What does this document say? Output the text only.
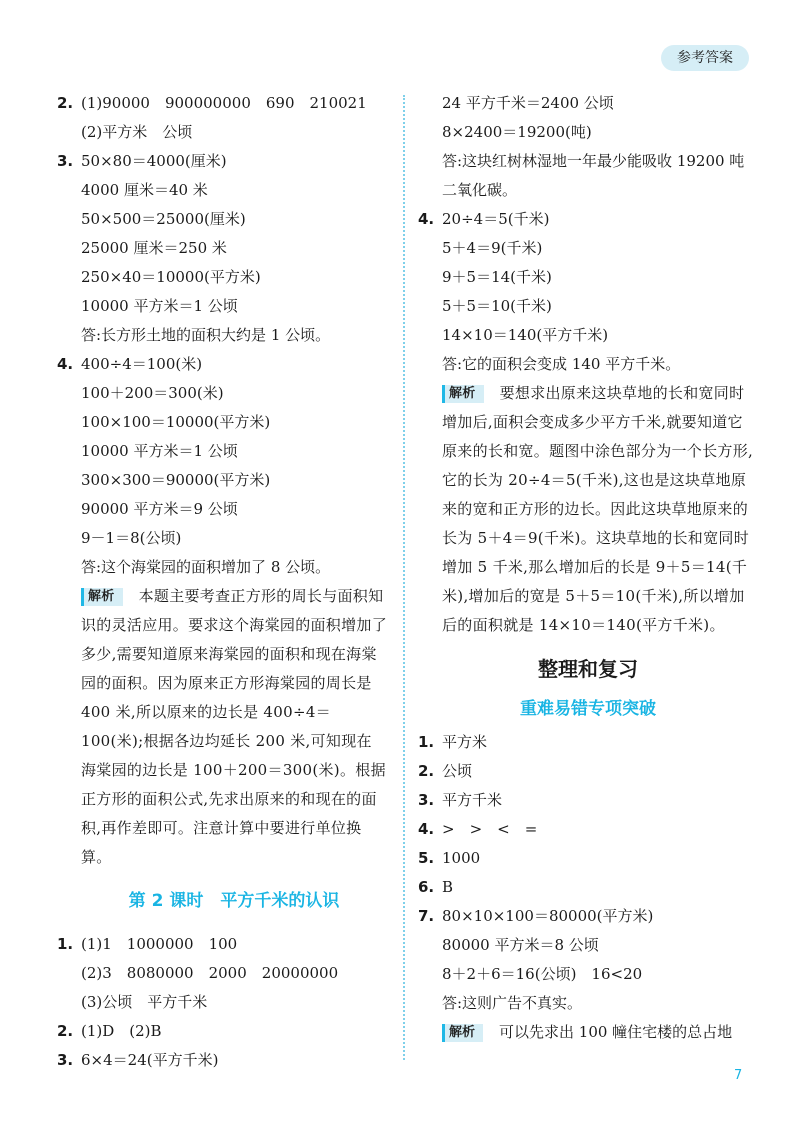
参考答案
2. (1)90000　900000000　690　210021
(2)平方米　公顷
3. 50×80＝4000(厘米)
4000 厘米＝40 米
50×500＝25000(厘米)
25000 厘米＝250 米
250×40＝10000(平方米)
10000 平方米＝1 公顷
答:长方形土地的面积大约是 1 公顷。
4. 400÷4＝100(米)
100＋200＝300(米)
100×100＝10000(平方米)
10000 平方米＝1 公顷
300×300＝90000(平方米)
90000 平方米＝9 公顷
9－1＝8(公顷)
答:这个海棠园的面积增加了 8 公顷。

解析 本题主要考查正方形的周长与面积知识的灵活应用。要求这个海棠园的面积增加了多少,需要知道原来海棠园的面积和现在海棠园的面积。因为原来正方形海棠园的周长是 400 米,所以原来的边长是 400÷4＝100(米);根据各边均延长 200 米,可知现在海棠园的边长是 100＋200＝300(米)。根据正方形的面积公式,先求出原来的和现在的面积,再作差即可。注意计算中要进行单位换算。

第 2 课时　平方千米的认识
1. (1)1　1000000　100
(2)3　8080000　2000　20000000
(3)公顷　平方千米
2. (1)D　(2)B
3. 6×4＝24(平方千米)
24 平方千米＝2400 公顷
8×2400＝19200(吨)
答:这块红树林湿地一年最少能吸收 19200 吨
二氧化碳。
4. 20÷4＝5(千米)
5＋4＝9(千米)
9＋5＝14(千米)
5＋5＝10(千米)
14×10＝140(平方千米)
答:它的面积会变成 140 平方千米。

解析 要想求出原来这块草地的长和宽同时增加后,面积会变成多少平方千米,就要知道它原来的长和宽。题图中涂色部分为一个长方形,它的长为 20÷4＝5(千米),这也是这块草地原来的宽和正方形的边长。因此这块草地原来的长为 5＋4＝9(千米)。这块草地的长和宽同时增加 5 千米,那么增加后的长是 9＋5＝14(千米),增加后的宽是 5＋5＝10(千米),所以增加后的面积就是 14×10＝140(平方千米)。

整理和复习
重难易错专项突破
1. 平方米
2. 公顷
3. 平方千米
4. >　>　<　=
5. 1000
6. B
7. 80×10×100＝80000(平方米)
80000 平方米＝8 公顷
8＋2＋6＝16(公顷)　16<20
答:这则广告不真实。
解析 可以先求出 100 幢住宅楼的总占地
7
